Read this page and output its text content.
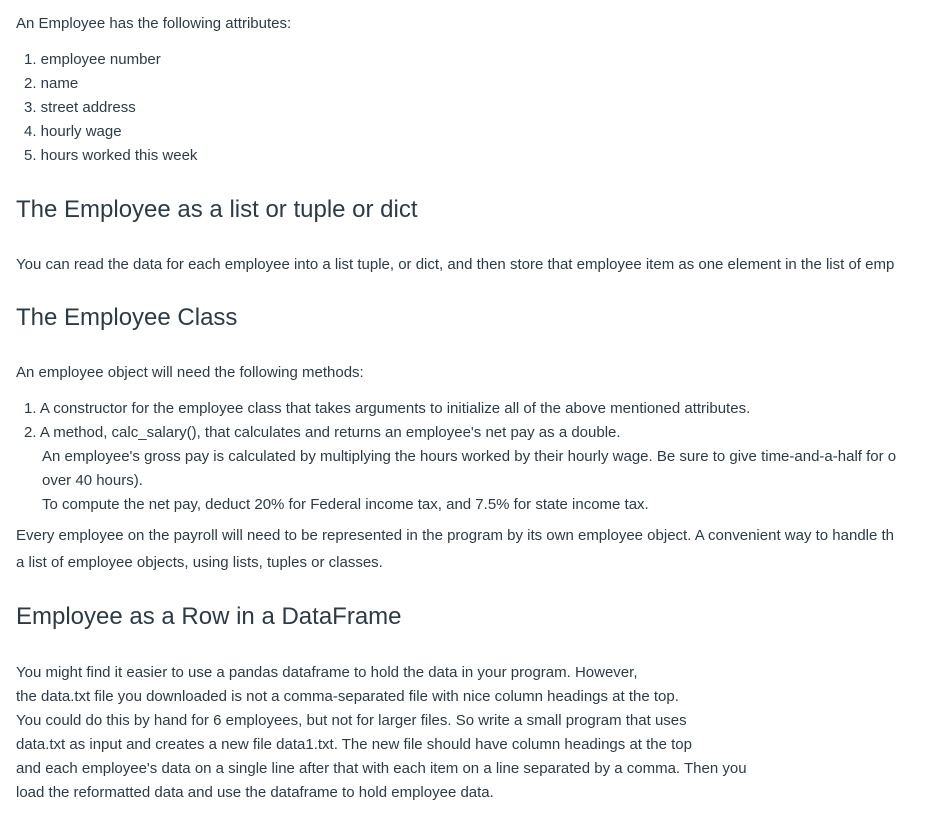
An Employee has the following attributes:
1. employee number
2. name
3. street address
4. hourly wage
5. hours worked this week
The Employee as a list or tuple or dict
You can read the data for each employee into a list tuple, or dict, and then store that employee item as one element in the list of emp
The Employee Class
An employee object will need the following methods:
1. A constructor for the employee class that takes arguments to initialize all of the above mentioned attributes.
2. A method, calc_salary(), that calculates and returns an employee's net pay as a double.
An employee's gross pay is calculated by multiplying the hours worked by their hourly wage. Be sure to give time-and-a-half for o
over 40 hours).
To compute the net pay, deduct 20% for Federal income tax, and 7.5% for state income tax.
Every employee on the payroll will need to be represented in the program by its own employee object. A convenient way to handle th
a list of employee objects, using lists, tuples or classes.
Employee as a Row in a DataFrame
You might find it easier to use a pandas dataframe to hold the data in your program. However,
the data.txt file you downloaded is not a comma-separated file with nice column headings at the top.
You could do this by hand for 6 employees, but not for larger files. So write a small program that uses
data.txt as input and creates a new file data1.txt. The new file should have column headings at the top
and each employee's data on a single line after that with each item on a line separated by a comma. Then you
load the reformatted data and use the dataframe to hold employee data.
